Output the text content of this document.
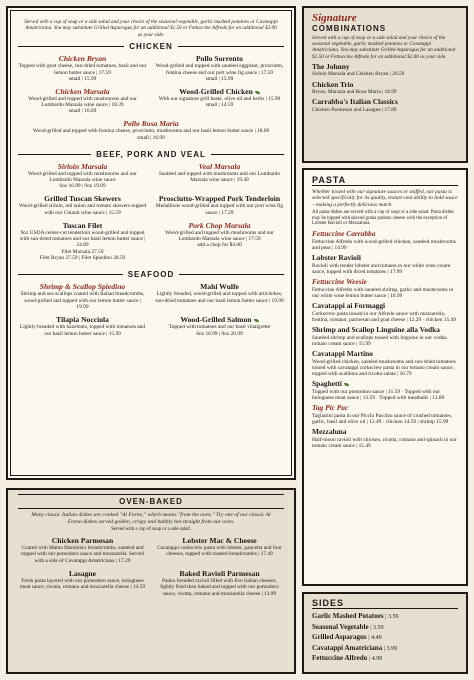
Served with a cup of soup or a side salad and your choice of the seasonal vegetable, garlic mashed potatoes or Cavatappi Amatriciana. You may substitute Grilled Asparagus for an additional $1.50 or Fettuccine Alfredo for an additional $2.00 as your side.
CHICKEN
Chicken Bryan
Topped with goat cheese, sun-dried tomatoes, basil and our lemon butter sauce | 17.59
small | 15.99
Pollo Sorrento
Wood-grilled and topped with sautéed eggplant, prosciutto, fontina cheese and our port wine fig sauce | 17.59
small | 15.99
Chicken Marsala
Wood-grilled and topped with mushrooms and our Lombardo Marsala wine sauce | 18.39
small | 16.69
Wood-Grilled Chicken
With our signature grill baste, olive oil and herbs | 15.99
small | 14.59
Pollo Rosa Maria
Wood-grilled and topped with fontina cheese, prosciutto, mushrooms and our basil lemon butter sauce | 18.69
small | 16.99
BEEF, PORK AND VEAL
Sirloin Marsala
Wood-grilled and topped with mushrooms and our Lombardo Marsala wine sauce
6oz 16.99 | 9oz 19.89
Veal Marsala
Sautéed and topped with mushrooms and our Lombardo Marsala wine sauce | 19.49
Grilled Tuscan Skewers
Wood-grilled sirloin, red onion and tomato skewers topped with our Chianti wine sauce | 15.59
Prosciutto-Wrapped Pork Tenderloin
Medallions wood-grilled and topped with our port wine fig sauce | 17.29
Tuscan Filet
9oz USDA center-cut tenderloin wood-grilled and topped with sun-dried tomatoes and our basil lemon butter sauce | 24.89
Filet Marsala 27.59
Filet Bryan 27.59 | Filet Spiedino 28.59
Pork Chop Marsala
Wood-grilled and topped with mushrooms and our Lombardo Marsala wine sauce | 17.59
add a chop for $4.00
SEAFOOD
Shrimp & Scallop Spiedino
Shrimp and sea scallops coated with Italian breadcrumbs, wood-grilled and topped with our lemon butter sauce | 19.99
Mahi Wulfe
Lightly breaded, wood-grilled and topped with artichokes, sun-dried tomatoes and our basil lemon butter sauce | 19.99
Tilapia Nocciola
Lightly breaded with hazelnuts, topped with tomatoes and our basil lemon butter sauce | 15.99
Wood-Grilled Salmon
Topped with tomatoes and our basil vinaigrette
6oz 16.99 | 9oz 20.99
OVEN-BAKED
Many classic Italian dishes are cooked "Al Forno," which means "from the oven." Try one of our classic Al Forno dishes served golden, crispy and bubbly hot straight from our oven.
Served with a cup of soup or a side salad.
Chicken Parmesan
Coated with Mama Mandola's breadcrumbs, sautéed and topped with our pomodoro sauce and mozzarella. Served with a side of Cavatappi Amatriciana | 17.29
Lobster Mac & Cheese
Cavatappi corkscrew pasta with lobster, pancetta and four cheeses, topped with toasted breadcrumbs | 17.49
Lasagne
Fresh pasta layered with our pomodoro sauce, bolognese meat sauce, ricotta, romano and mozzarella cheese | 14.59
Baked Ravioli Parmesan
Panko breaded ravioli filled with five Italian cheeses, lightly fried then baked and topped with our pomodoro sauce, ricotta, romano and mozzarella cheese | 13.99
Signature
COMBINATIONS
Served with a cup of soup or a side salad and your choice of the seasonal vegetable, garlic mashed potatoes or Cavatappi Amatriciana. You may substitute Grilled Asparagus for an additional $1.50 or Fettuccine Alfredo for an additional $2.00 as your side.
The Johnny
Sirloin Marsala and Chicken Bryan | 20.59
Chicken Trio
Bryan, Marsala and Rosa Maria | 18.99
Carrabba's Italian Classics
Chicken Parmesan and Lasagne | 17.89
PASTA
Whether tossed with our signature sauces or stuffed, our pasta is selected specifically for its quality, texture and ability to hold sauce – making a perfectly delicious match.
All pasta dishes are served with a cup of soup or a side salad. Pasta dishes may be topped with shaved grana padano cheese with the exception of Lobster Ravioli or Mezzaluna.
Fettuccine Carrabba
Fettuccine Alfredo with wood-grilled chicken, sautéed mushrooms and peas | 14.99
Lobster Ravioli
Ravioli with tender lobster and romano in our white wine cream sauce, topped with diced tomatoes | 17.99
Fettuccine Weesie
Fettuccine Alfredo with sautéed shrimp, garlic and mushrooms in our white wine lemon butter sauce | 16.99
Cavatappi ai Formaggi
Corkscrew pasta tossed in our Alfredo sauce with mozzarella, fontina, romano, parmesan and goat cheese | 12.29 · chicken 15.49
Shrimp and Scallop Linguine alla Vodka
Sautéed shrimp and scallops tossed with linguine in our vodka tomato cream sauce | 15.99
Cavatappi Martino
Wood-grilled chicken, sautéed mushrooms and sun-dried tomatoes tossed with cavatappi corkscrew pasta in our tomato cream sauce, topped with scallions and ricotta salata | 16.79
Spaghetti
Topped with our pomodoro sauce | 11.59 · Topped with our bolognese meat sauce | 13.59 · Topped with meatballs | 13.89
Tag Pic Pac
Tagliarini pasta in our Picchi Pacchiu sauce of crushed tomatoes, garlic, basil and olive oil | 12.49 · chicken 14.59 | shrimp 15.99
Mezzaluna
Half-moon ravioli with chicken, ricotta, romano and spinach in our tomato cream sauce | 15.49
SIDES
Garlic Mashed Potatoes | 3.59
Seasonal Vegetable | 3.59
Grilled Asparagus | 4.49
Cavatappi Amatriciana | 3.99
Fettuccine Alfredo | 4.99
